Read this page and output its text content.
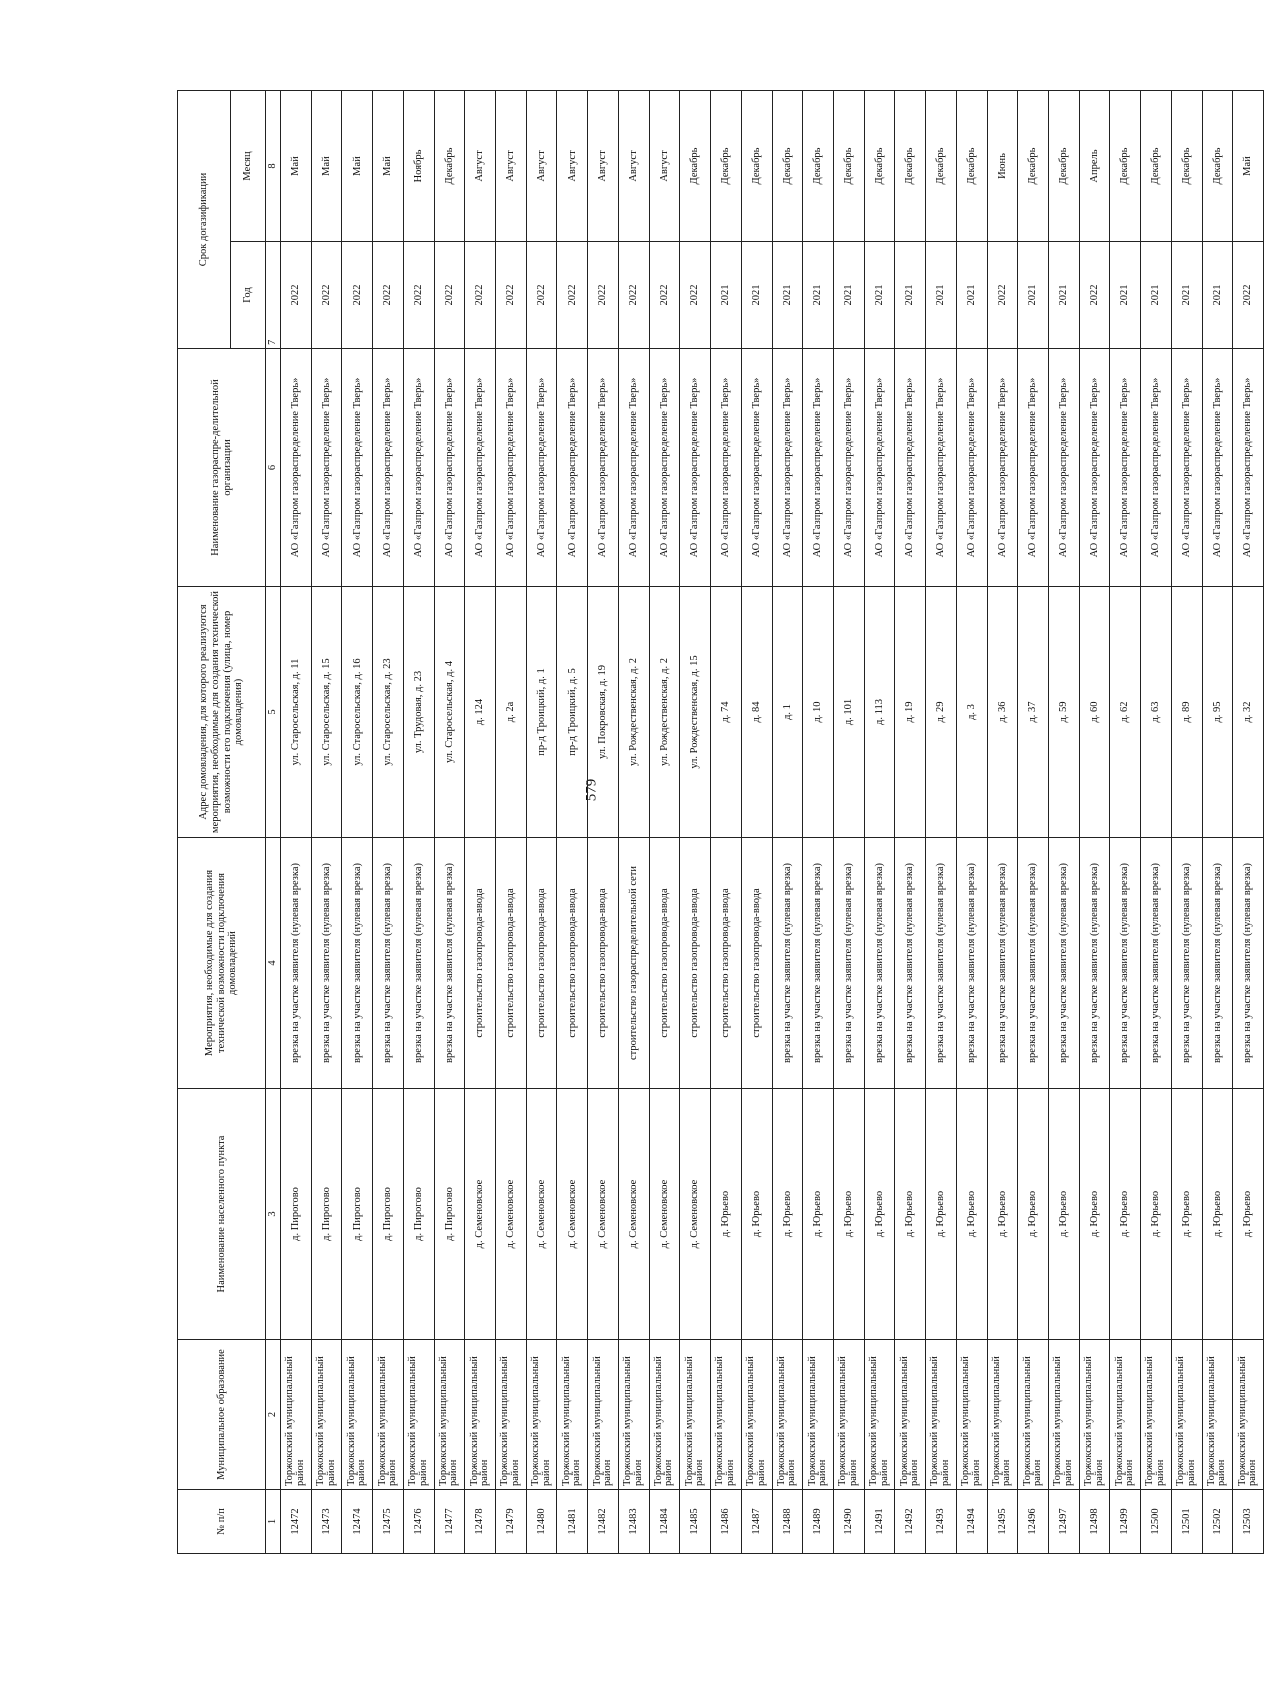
579
№ п/п	Муниципальное образование	Наименование населенного пункта	Мероприятия, необходимые для создания технической возможности подключения домовладений	Адрес домовладения, для которого реализуются мероприятия, необходимые для создания технической возможности его подключения (улица, номер домовладения)	Наименование газораспре-делительной организации	Срок догазификации	
						Год	Месяц
1	2	3	4	5	6	7	8
12472	Торжокский муниципальный район	д. Пирогово	врезка на участке заявителя (нулевая врезка)	ул. Старосельская, д. 11	АО «Газпром газораспределение Тверь»	2022	Май
12473	Торжокский муниципальный район	д. Пирогово	врезка на участке заявителя (нулевая врезка)	ул. Старосельская, д. 15	АО «Газпром газораспределение Тверь»	2022	Май
12474	Торжокский муниципальный район	д. Пирогово	врезка на участке заявителя (нулевая врезка)	ул. Старосельская, д. 16	АО «Газпром газораспределение Тверь»	2022	Май
12475	Торжокский муниципальный район	д. Пирогово	врезка на участке заявителя (нулевая врезка)	ул. Старосельская, д. 23	АО «Газпром газораспределение Тверь»	2022	Май
12476	Торжокский муниципальный район	д. Пирогово	врезка на участке заявителя (нулевая врезка)	ул. Трудовая, д. 23	АО «Газпром газораспределение Тверь»	2022	Ноябрь
12477	Торжокский муниципальный район	д. Пирогово	врезка на участке заявителя (нулевая врезка)	ул. Старосельская, д. 4	АО «Газпром газораспределение Тверь»	2022	Декабрь
12478	Торжокский муниципальный район	д. Семеновское	строительство газопровода-ввода	д. 124	АО «Газпром газораспределение Тверь»	2022	Август
12479	Торжокский муниципальный район	д. Семеновское	строительство газопровода-ввода	д. 2а	АО «Газпром газораспределение Тверь»	2022	Август
12480	Торжокский муниципальный район	д. Семеновское	строительство газопровода-ввода	пр-д Троицкий, д. 1	АО «Газпром газораспределение Тверь»	2022	Август
12481	Торжокский муниципальный район	д. Семеновское	строительство газопровода-ввода	пр-д Троицкий, д. 5	АО «Газпром газораспределение Тверь»	2022	Август
12482	Торжокский муниципальный район	д. Семеновское	строительство газопровода-ввода	ул. Покровская, д. 19	АО «Газпром газораспределение Тверь»	2022	Август
12483	Торжокский муниципальный район	д. Семеновское	строительство газораспределительной сети	ул. Рождественская, д. 2	АО «Газпром газораспределение Тверь»	2022	Август
12484	Торжокский муниципальный район	д. Семеновское	строительство газопровода-ввода	ул. Рождественская, д. 2	АО «Газпром газораспределение Тверь»	2022	Август
12485	Торжокский муниципальный район	д. Семеновское	строительство газопровода-ввода	ул. Рождественская, д. 15	АО «Газпром газораспределение Тверь»	2022	Декабрь
12486	Торжокский муниципальный район	д. Юрьево	строительство газопровода-ввода	д. 74	АО «Газпром газораспределение Тверь»	2021	Декабрь
12487	Торжокский муниципальный район	д. Юрьево	строительство газопровода-ввода	д. 84	АО «Газпром газораспределение Тверь»	2021	Декабрь
12488	Торжокский муниципальный район	д. Юрьево	врезка на участке заявителя (нулевая врезка)	д. 1	АО «Газпром газораспределение Тверь»	2021	Декабрь
12489	Торжокский муниципальный район	д. Юрьево	врезка на участке заявителя (нулевая врезка)	д. 10	АО «Газпром газораспределение Тверь»	2021	Декабрь
12490	Торжокский муниципальный район	д. Юрьево	врезка на участке заявителя (нулевая врезка)	д. 101	АО «Газпром газораспределение Тверь»	2021	Декабрь
12491	Торжокский муниципальный район	д. Юрьево	врезка на участке заявителя (нулевая врезка)	д. 113	АО «Газпром газораспределение Тверь»	2021	Декабрь
12492	Торжокский муниципальный район	д. Юрьево	врезка на участке заявителя (нулевая врезка)	д. 19	АО «Газпром газораспределение Тверь»	2021	Декабрь
12493	Торжокский муниципальный район	д. Юрьево	врезка на участке заявителя (нулевая врезка)	д. 29	АО «Газпром газораспределение Тверь»	2021	Декабрь
12494	Торжокский муниципальный район	д. Юрьево	врезка на участке заявителя (нулевая врезка)	д. 3	АО «Газпром газораспределение Тверь»	2021	Декабрь
12495	Торжокский муниципальный район	д. Юрьево	врезка на участке заявителя (нулевая врезка)	д. 36	АО «Газпром газораспределение Тверь»	2022	Июнь
12496	Торжокский муниципальный район	д. Юрьево	врезка на участке заявителя (нулевая врезка)	д. 37	АО «Газпром газораспределение Тверь»	2021	Декабрь
12497	Торжокский муниципальный район	д. Юрьево	врезка на участке заявителя (нулевая врезка)	д. 59	АО «Газпром газораспределение Тверь»	2021	Декабрь
12498	Торжокский муниципальный район	д. Юрьево	врезка на участке заявителя (нулевая врезка)	д. 60	АО «Газпром газораспределение Тверь»	2022	Апрель
12499	Торжокский муниципальный район	д. Юрьево	врезка на участке заявителя (нулевая врезка)	д. 62	АО «Газпром газораспределение Тверь»	2021	Декабрь
12500	Торжокский муниципальный район	д. Юрьево	врезка на участке заявителя (нулевая врезка)	д. 63	АО «Газпром газораспределение Тверь»	2021	Декабрь
12501	Торжокский муниципальный район	д. Юрьево	врезка на участке заявителя (нулевая врезка)	д. 89	АО «Газпром газораспределение Тверь»	2021	Декабрь
12502	Торжокский муниципальный район	д. Юрьево	врезка на участке заявителя (нулевая врезка)	д. 95	АО «Газпром газораспределение Тверь»	2021	Декабрь
12503	Торжокский муниципальный район	д. Юрьево	врезка на участке заявителя (нулевая врезка)	д. 32	АО «Газпром газораспределение Тверь»	2022	Май
